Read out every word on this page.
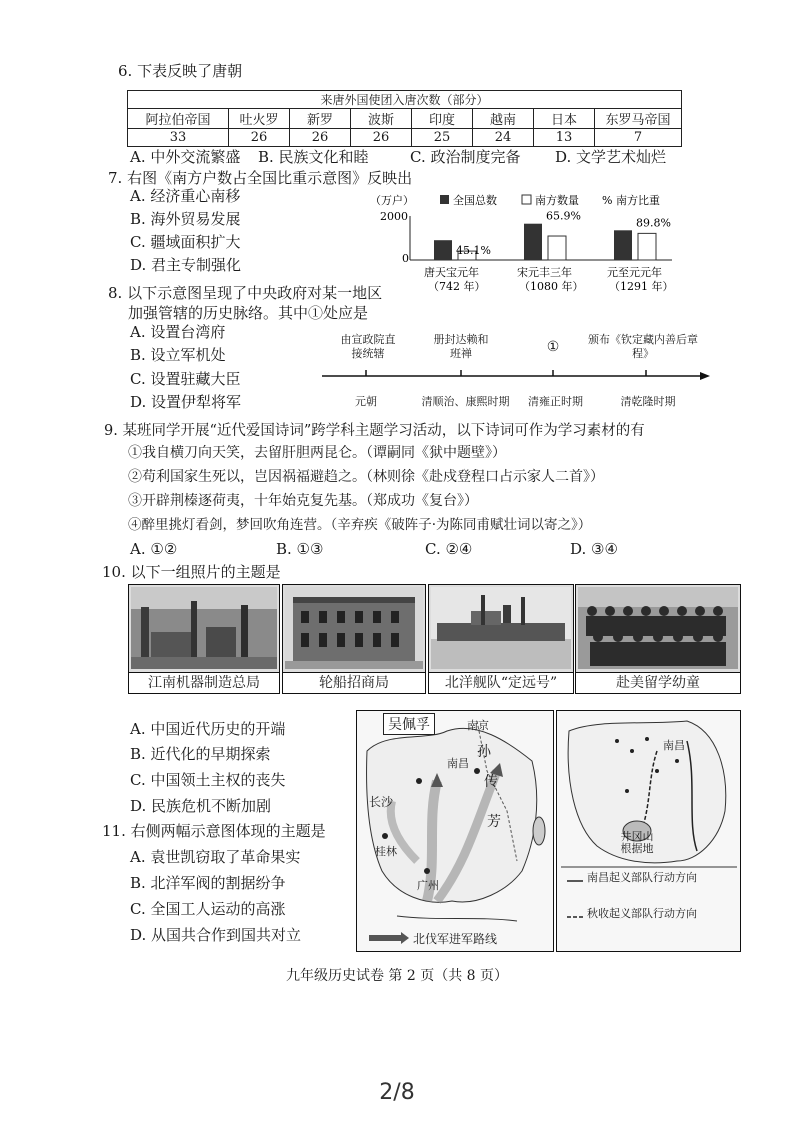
6. 下表反映了唐朝
来唐外国使团入唐次数（部分）							
阿拉伯帝国	吐火罗	新罗	波斯	印度	越南	日本	东罗马帝国
33	26	26	26	25	24	13	7
A. 中外交流繁盛 B. 民族文化和睦	C. 政治制度完备 D. 文学艺术灿烂
7. 右图《南方户数占全国比重示意图》反映出
A. 经济重心南移
B. 海外贸易发展
C. 疆域面积扩大
D. 君主专制强化
（万户）	全国总数	南方数量 % 南方比重
2000
0
45.1%
65.9%
89.8%
唐天宝元年
（742 年）
宋元丰三年
（1080 年）
元至元元年
（1291 年）
8. 以下示意图呈现了中央政府对某一地区
加强管辖的历史脉络。其中①处应是
A. 设置台湾府
B. 设立军机处
C. 设置驻藏大臣
D. 设置伊犁将军
由宣政院直接统辖
册封达赖和班禅	①	颁布《钦定藏内善后章程》
元朝	清顺治、康熙时期	清雍正时期	清乾隆时期
9. 某班同学开展“近代爱国诗词”跨学科主题学习活动，以下诗词可作为学习素材的有
①我自横刀向天笑，去留肝胆两昆仑。（谭嗣同《狱中题壁》）
②苟利国家生死以，岂因祸福避趋之。（林则徐《赴戍登程口占示家人二首》）
③开辟荆榛逐荷夷，十年始克复先基。（郑成功《复台》）
④醉里挑灯看剑，梦回吹角连营。（辛弃疾《破阵子·为陈同甫赋壮词以寄之》）
A. ①②	B. ①③	C. ②④	D. ③④
10. 以下一组照片的主题是
江南机器制造总局	轮船招商局	北洋舰队“定远号”	赴美留学幼童
A. 中国近代历史的开端
B. 近代化的早期探索
C. 中国领土主权的丧失
D. 民族危机不断加剧
11. 右侧两幅示意图体现的主题是
A. 袁世凯窃取了革命果实
B. 北洋军阀的割据纷争
C. 全国工人运动的高涨
D. 从国共合作到国共对立
吴佩孚	南京
长沙
孙
传
芳
南昌
桂林
广州
北伐军进军路线
南昌
井冈山根据地
南昌起义部队行动方向
秋收起义部队行动方向
九年级历史试卷 第 2 页（共 8 页）
2/8
